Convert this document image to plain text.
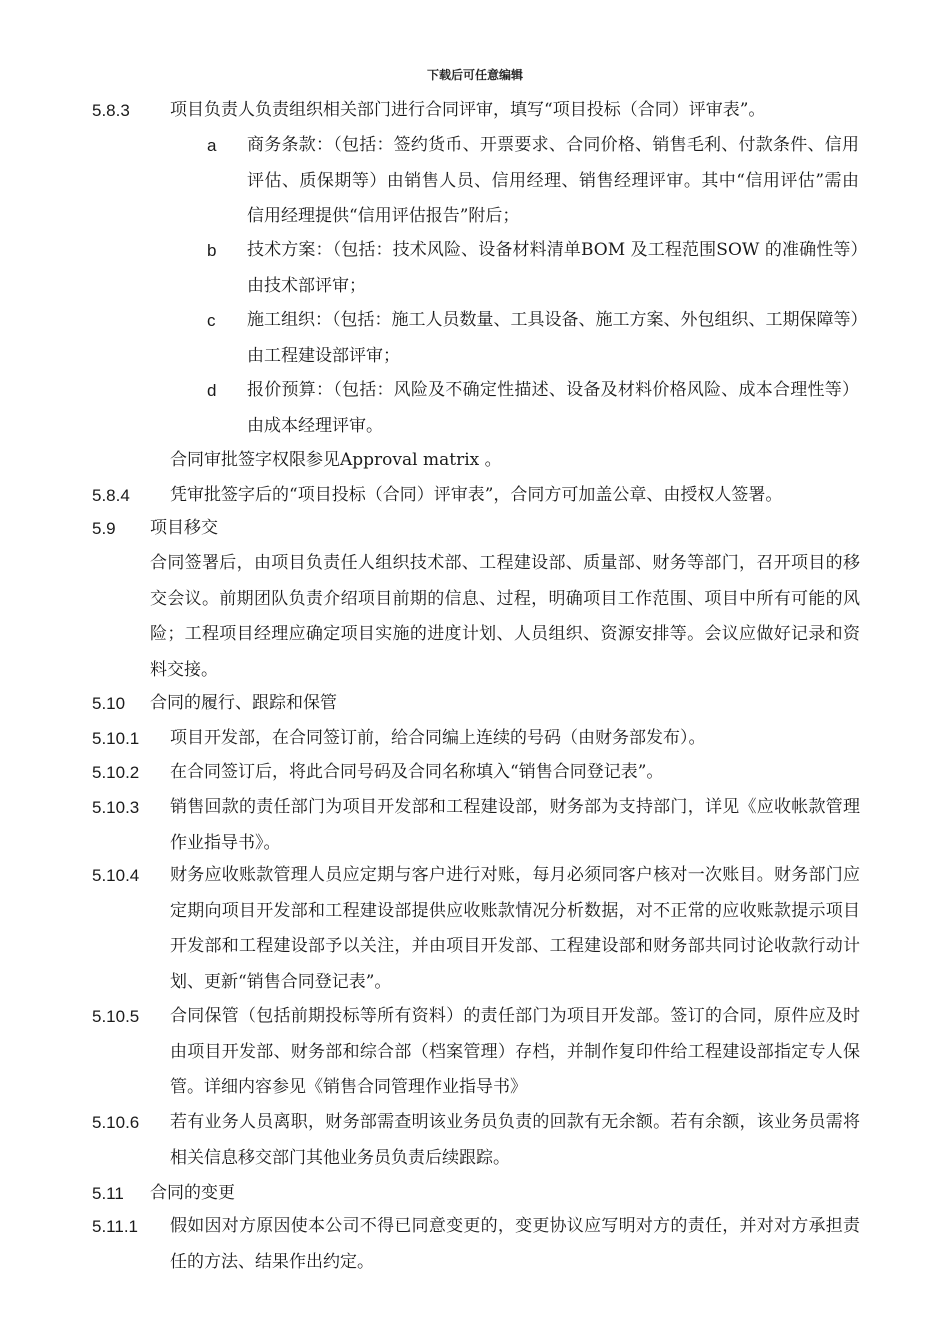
下载后可任意编辑
5.8.3 项目负责人负责组织相关部门进行合同评审，填写“项目投标（合同）评审表”。
a 商务条款：（包括：签约货币、开票要求、合同价格、销售毛利、付款条件、信用评估、质保期等）由销售人员、信用经理、销售经理评审。其中“信用评估”需由信用经理提供“信用评估报告”附后；
b 技术方案：（包括：技术风险、设备材料清单BOM 及工程范围SOW 的准确性等）由技术部评审；
c 施工组织：（包括：施工人员数量、工具设备、施工方案、外包组织、工期保障等）由工程建设部评审；
d 报价预算：（包括：风险及不确定性描述、设备及材料价格风险、成本合理性等）由成本经理评审。
合同审批签字权限参见Approval matrix 。
5.8.4 凭审批签字后的“项目投标（合同）评审表”，合同方可加盖公章、由授权人签署。
5.9 项目移交
合同签署后，由项目负责任人组织技术部、工程建设部、质量部、财务等部门，召开项目的移交会议。前期团队负责介绍项目前期的信息、过程，明确项目工作范围、项目中所有可能的风险；工程项目经理应确定项目实施的进度计划、人员组织、资源安排等。会议应做好记录和资料交接。
5.10 合同的履行、跟踪和保管
5.10.1 项目开发部，在合同签订前，给合同编上连续的号码（由财务部发布）。
5.10.2 在合同签订后，将此合同号码及合同名称填入“销售合同登记表”。
5.10.3 销售回款的责任部门为项目开发部和工程建设部，财务部为支持部门，详见《应收帐款管理作业指导书》。
5.10.4 财务应收账款管理人员应定期与客户进行对账，每月必须同客户核对一次账目。财务部门应定期向项目开发部和工程建设部提供应收账款情况分析数据，对不正常的应收账款提示项目开发部和工程建设部予以关注，并由项目开发部、工程建设部和财务部共同讨论收款行动计划、更新“销售合同登记表”。
5.10.5 合同保管（包括前期投标等所有资料）的责任部门为项目开发部。签订的合同，原件应及时由项目开发部、财务部和综合部（档案管理）存档，并制作复印件给工程建设部指定专人保管。详细内容参见《销售合同管理作业指导书》
5.10.6 若有业务人员离职，财务部需查明该业务员负责的回款有无余额。若有余额，该业务员需将相关信息移交部门其他业务员负责后续跟踪。
5.11 合同的变更
5.11.1 假如因对方原因使本公司不得已同意变更的，变更协议应写明对方的责任，并对对方承担责任的方法、结果作出约定。
